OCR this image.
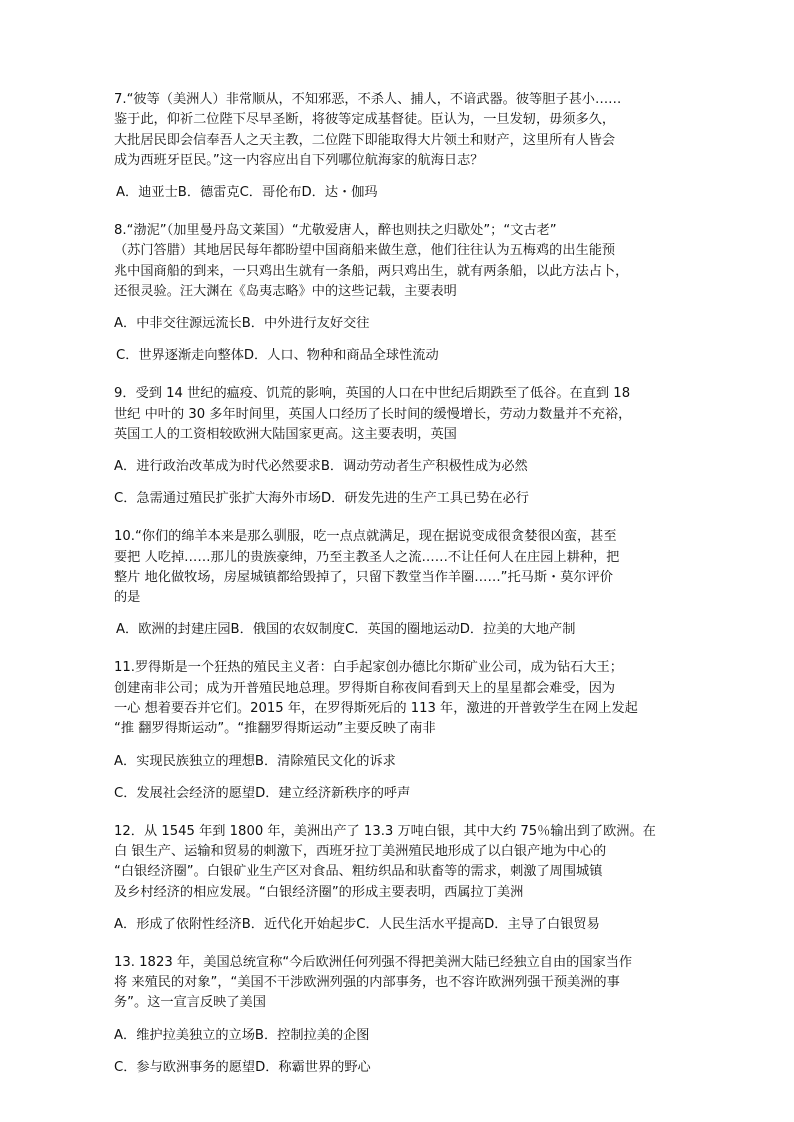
7.“彼等（美洲人）非常顺从，不知邪恶，不杀人、捕人，不谙武器。彼等胆子甚小……

鉴于此，仰祈二位陛下尽早圣断，将彼等定成基督徒。臣认为，一旦发轫，毋须多久，

大批居民即会信奉吾人之天主教，二位陛下即能取得大片领土和财产，这里所有人皆会

成为西班牙臣民。”这一内容应出自下列哪位航海家的航海日志？

A．迪亚士B．德雷克C．哥伦布D．达・伽玛

8.“渤泥”（加里曼丹岛文莱国）“尤敬爱唐人，醉也则扶之归歇处”；“文古老”

（苏门答腊）其地居民每年都盼望中国商船来做生意，他们往往认为五梅鸡的出生能预

兆中国商船的到来，一只鸡出生就有一条船，两只鸡出生，就有两条船，以此方法占卜，

还很灵验。汪大渊在《岛夷志略》中的这些记载，主要表明

A．中非交往源远流长B．中外进行友好交往

C．世界逐渐走向整体D．人口、物种和商品全球性流动

9．受到 14 世纪的瘟疫、饥荒的影响，英国的人口在中世纪后期跌至了低谷。在直到 18

世纪 中叶的 30 多年时间里，英国人口经历了长时间的缓慢增长，劳动力数量并不充裕，

英国工人的工资相较欧洲大陆国家更高。这主要表明，英国

A．进行政治改革成为时代必然要求B．调动劳动者生产积极性成为必然

C．急需通过殖民扩张扩大海外市场D．研发先进的生产工具已势在必行

10.“你们的绵羊本来是那么驯服，吃一点点就满足，现在据说变成很贪婪很凶蛮，甚至

要把 人吃掉……那儿的贵族豪绅，乃至主教圣人之流……不让任何人在庄园上耕种，把

整片 地化做牧场，房屋城镇都给毁掉了，只留下教堂当作羊圈……”托马斯・莫尔评价

的是

A．欧洲的封建庄园B．俄国的农奴制度C．英国的圈地运动D．拉美的大地产制

11.罗得斯是一个狂热的殖民主义者：白手起家创办德比尔斯矿业公司，成为钻石大王；

创建南非公司；成为开普殖民地总理。罗得斯自称夜间看到天上的星星都会难受，因为

一心 想着要吞并它们。2015 年，在罗得斯死后的 113 年，激进的开普敦学生在网上发起

“推 翻罗得斯运动”。“推翻罗得斯运动”主要反映了南非

A．实现民族独立的理想B．清除殖民文化的诉求

C．发展社会经济的愿望D．建立经济新秩序的呼声

12．从 1545 年到 1800 年，美洲出产了 13.3 万吨白银，其中大约 75％输出到了欧洲。在

白 银生产、运输和贸易的刺激下，西班牙拉丁美洲殖民地形成了以白银产地为中心的

“白银经济圈”。白银矿业生产区对食品、粗纺织品和驮畜等的需求，刺激了周围城镇

及乡村经济的相应发展。“白银经济圈”的形成主要表明，西属拉丁美洲

A．形成了依附性经济B．近代化开始起步C．人民生活水平提高D．主导了白银贸易

13. 1823 年，美国总统宣称“今后欧洲任何列强不得把美洲大陆已经独立自由的国家当作

将 来殖民的对象”，“美国不干涉欧洲列强的内部事务，也不容许欧洲列强干预美洲的事

务”。这一宣言反映了美国

A．维护拉美独立的立场B．控制拉美的企图

C．参与欧洲事务的愿望D．称霸世界的野心
